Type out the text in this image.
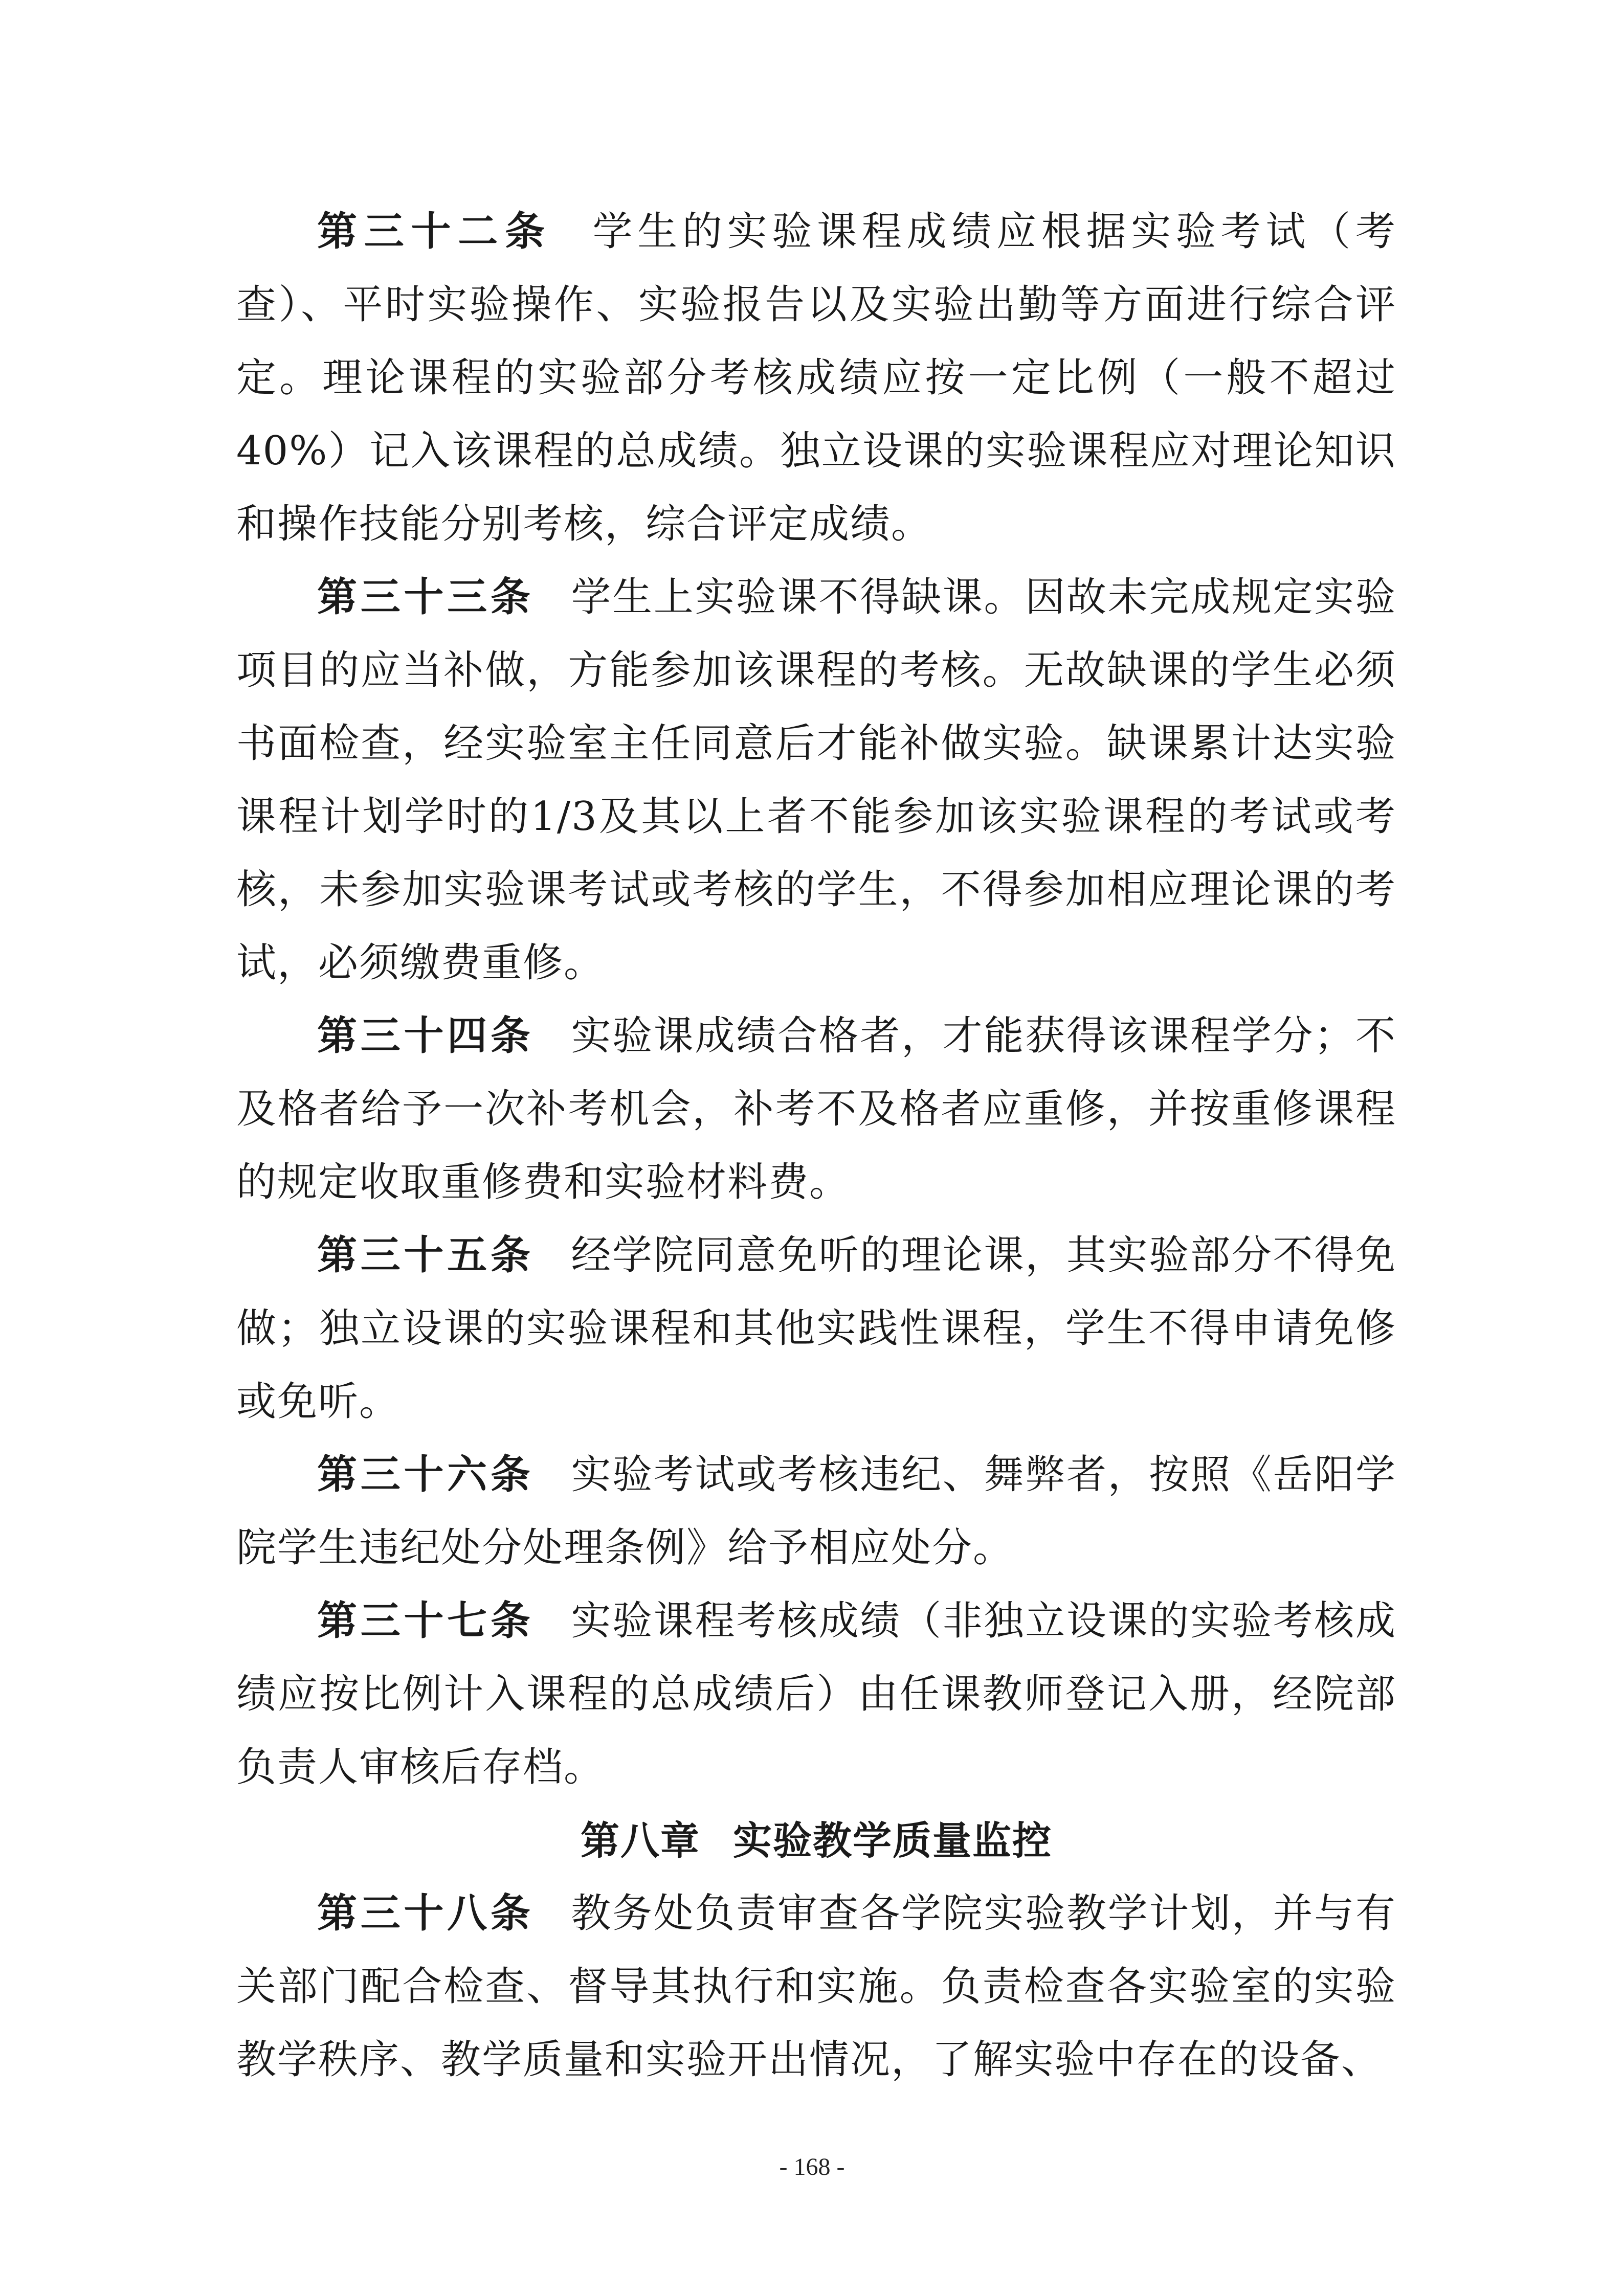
第三十二条 学生的实验课程成绩应根据实验考试（考查）、平时实验操作、实验报告以及实验出勤等方面进行综合评定。理论课程的实验部分考核成绩应按一定比例（一般不超过40%）记入该课程的总成绩。独立设课的实验课程应对理论知识和操作技能分别考核，综合评定成绩。

第三十三条 学生上实验课不得缺课。因故未完成规定实验项目的应当补做，方能参加该课程的考核。无故缺课的学生必须书面检查，经实验室主任同意后才能补做实验。缺课累计达实验课程计划学时的1/3及其以上者不能参加该实验课程的考试或考核，未参加实验课考试或考核的学生，不得参加相应理论课的考试，必须缴费重修。

第三十四条 实验课成绩合格者，才能获得该课程学分；不及格者给予一次补考机会，补考不及格者应重修，并按重修课程的规定收取重修费和实验材料费。

第三十五条 经学院同意免听的理论课，其实验部分不得免做；独立设课的实验课程和其他实践性课程，学生不得申请免修或免听。

第三十六条 实验考试或考核违纪、舞弊者，按照《岳阳学院学生违纪处分处理条例》给予相应处分。

第三十七条 实验课程考核成绩（非独立设课的实验考核成绩应按比例计入课程的总成绩后）由任课教师登记入册，经院部负责人审核后存档。

第八章 实验教学质量监控

第三十八条 教务处负责审查各学院实验教学计划，并与有关部门配合检查、督导其执行和实施。负责检查各实验室的实验教学秩序、教学质量和实验开出情况，了解实验中存在的设备、

- 168 -
